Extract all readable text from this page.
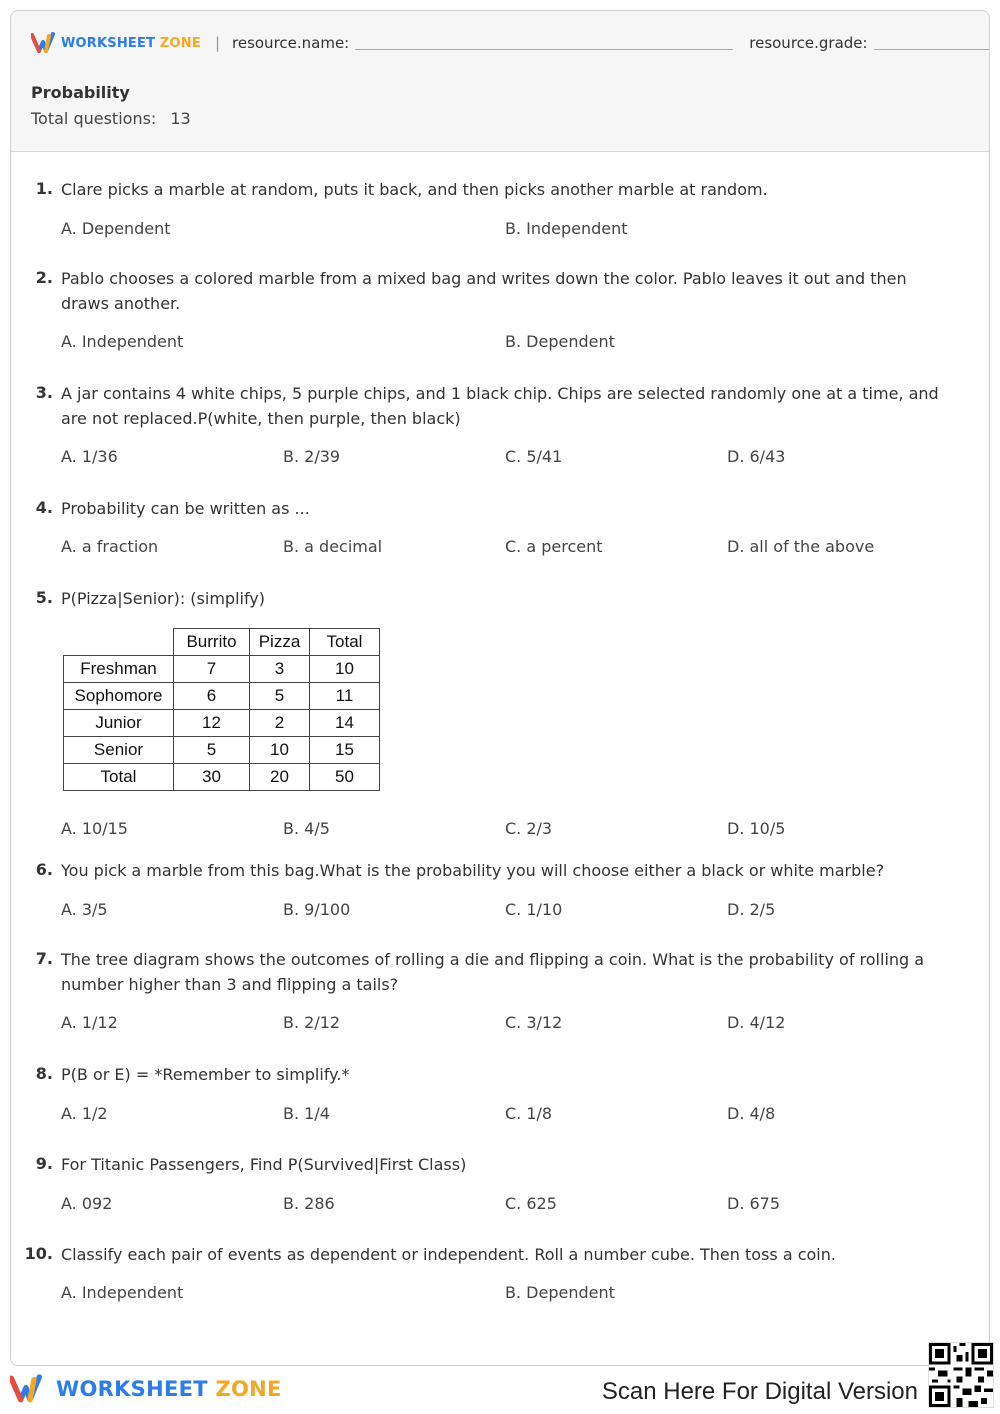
WORKSHEET ZONE | resource.name:	resource.grade:
Probability
Total questions: 13
1. Clare picks a marble at random, puts it back, and then picks another marble at random.
A. Dependent	B. Independent
2. Pablo chooses a colored marble from a mixed bag and writes down the color. Pablo leaves it out and then draws another.
A. Independent	B. Dependent
3. A jar contains 4 white chips, 5 purple chips, and 1 black chip. Chips are selected randomly one at a time, and are not replaced.P(white, then purple, then black)
A. 1/36	B. 2/39	C. 5/41	D. 6/43
4. Probability can be written as ...
A. a fraction	B. a decimal	C. a percent	D. all of the above
5. P(Pizza|Senior): (simplify)
	Burrito	Pizza	Total
Freshman	7	3	10
Sophomore	6	5	11
Junior	12	2	14
Senior	5	10	15
Total	30	20	50
A. 10/15	B. 4/5	C. 2/3	D. 10/5
6. You pick a marble from this bag.What is the probability you will choose either a black or white marble?
A. 3/5	B. 9/100	C. 1/10	D. 2/5
7. The tree diagram shows the outcomes of rolling a die and flipping a coin. What is the probability of rolling a number higher than 3 and flipping a tails?
A. 1/12	B. 2/12	C. 3/12	D. 4/12
8. P(B or E) = *Remember to simplify.*
A. 1/2	B. 1/4	C. 1/8	D. 4/8
9. For Titanic Passengers, Find P(Survived|First Class)
A. 092	B. 286	C. 625	D. 675
10. Classify each pair of events as dependent or independent. Roll a number cube. Then toss a coin.
A. Independent	B. Dependent
WORKSHEET ZONE	Scan Here For Digital Version
